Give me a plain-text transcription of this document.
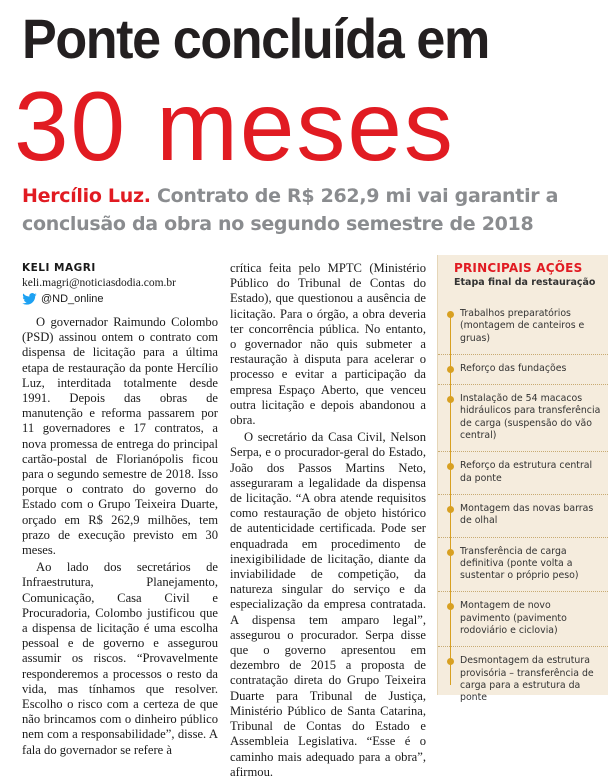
Ponte concluída em
30 meses

Hercílio Luz. Contrato de R$ 262,9 mi vai garantir a conclusão da obra no segundo semestre de 2018

KELI MAGRI
keli.magri@noticiasdodia.com.br
@ND_online

O governador Raimundo Colombo (PSD) assinou ontem o contrato com dispensa de licitação para a última etapa de restauração da ponte Hercílio Luz, interditada totalmente desde 1991. Depois das obras de manutenção e reforma passarem por 11 governadores e 17 contratos, a nova promessa de entrega do principal cartão-postal de Florianópolis ficou para o segundo semestre de 2018. Isso porque o contrato do governo do Estado com o Grupo Teixeira Duarte, orçado em R$ 262,9 milhões, tem prazo de execução previsto em 30 meses.

Ao lado dos secretários de Infraestrutura, Planejamento, Comunicação, Casa Civil e Procuradoria, Colombo justificou que a dispensa de licitação é uma escolha pessoal e de governo e assegurou assumir os riscos. “Provavelmente responderemos a processos o resto da vida, mas tínhamos que resolver. Escolho o risco com a certeza de que não brincamos com o dinheiro público nem com a responsabilidade”, disse. A fala do governador se refere à

crítica feita pelo MPTC (Ministério Público do Tribunal de Contas do Estado), que questionou a ausência de licitação. Para o órgão, a obra deveria ter concorrência pública. No entanto, o governador não quis submeter a restauração à disputa para acelerar o processo e evitar a participação da empresa Espaço Aberto, que venceu outra licitação e depois abandonou a obra.

O secretário da Casa Civil, Nelson Serpa, e o procurador-geral do Estado, João dos Passos Martins Neto, asseguraram a legalidade da dispensa de licitação. “A obra atende requisitos como restauração de objeto histórico de autenticidade certificada. Pode ser enquadrada em procedimento de inexigibilidade de licitação, diante da inviabilidade de competição, da natureza singular do serviço e da especialização da empresa contratada. A dispensa tem amparo legal”, assegurou o procurador. Serpa disse que o governo apresentou em dezembro de 2015 a proposta de contratação direta do Grupo Teixeira Duarte para Tribunal de Justiça, Ministério Público de Santa Catarina, Tribunal de Contas do Estado e Assembleia Legislativa. “Esse é o caminho mais adequado para a obra”, afirmou.

PRINCIPAIS AÇÕES
Etapa final da restauração
Trabalhos preparatórios (montagem de canteiros e gruas)
Reforço das fundações
Instalação de 54 macacos hidráulicos para transferência de carga (suspensão do vão central)
Reforço da estrutura central da ponte
Montagem das novas barras de olhal
Transferência de carga definitiva (ponte volta a sustentar o próprio peso)
Montagem de novo pavimento (pavimento rodoviário e ciclovia)
Desmontagem da estrutura provisória – transferência de carga para a estrutura da ponte
